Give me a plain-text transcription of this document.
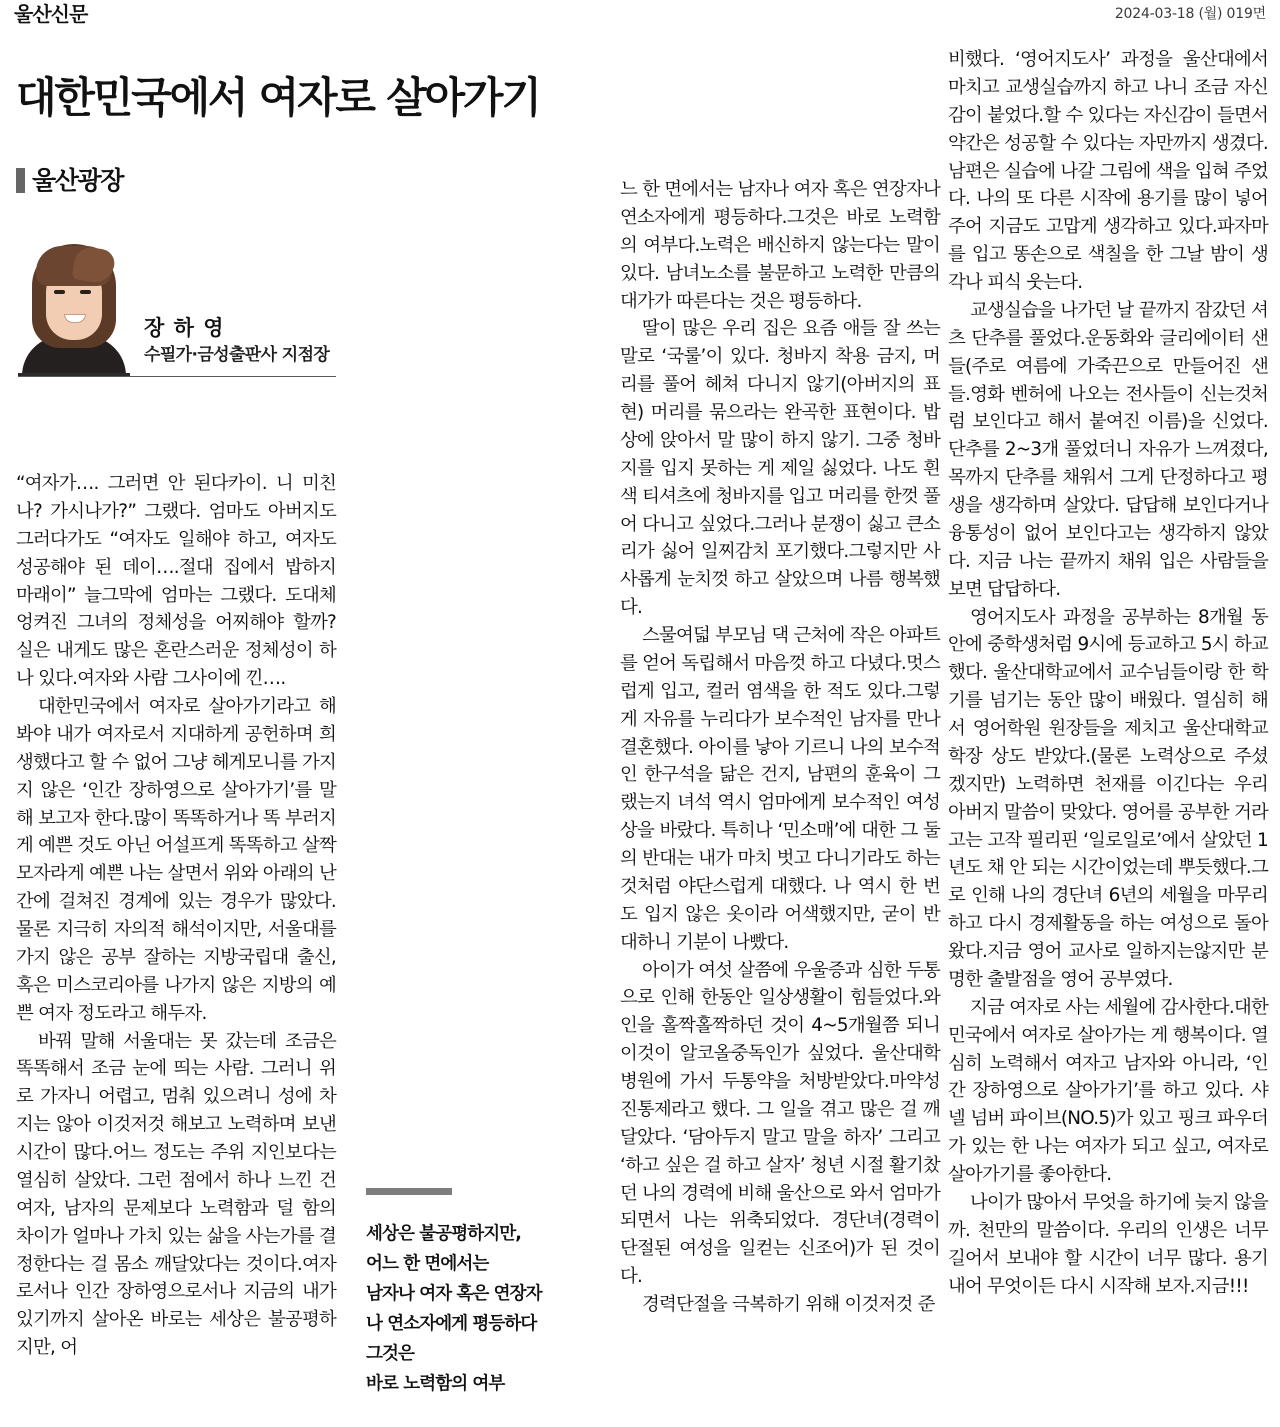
울산신문	2024-03-18 (월) 019면
대한민국에서 여자로 살아가기
울산광장
장 하 영
수필가·금성출판사 지점장

“여자가…. 그러면 안 된다카이. 니 미친나? 가시나가?” 그랬다. 엄마도 아버지도 그러다가도 “여자도 일해야 하고, 여자도 성공해야 된 데이….절대 집에서 밥하지 마래이” 늘그막에 엄마는 그랬다. 도대체 엉켜진 그녀의 정체성을 어찌해야 할까? 실은 내게도 많은 혼란스러운 정체성이 하나 있다.여자와 사람 그사이에 낀….

대한민국에서 여자로 살아가기라고 해봐야 내가 여자로서 지대하게 공헌하며 희생했다고 할 수 없어 그냥 헤게모니를 가지지 않은 ‘인간 장하영으로 살아가기’를 말해 보고자 한다.많이 똑똑하거나 똑 부러지게 예쁜 것도 아닌 어설프게 똑똑하고 살짝 모자라게 예쁜 나는 살면서 위와 아래의 난간에 걸쳐진 경계에 있는 경우가 많았다. 물론 지극히 자의적 해석이지만, 서울대를 가지 않은 공부 잘하는 지방국립대 출신, 혹은 미스코리아를 나가지 않은 지방의 예쁜 여자 정도라고 해두자.

바꿔 말해 서울대는 못 갔는데 조금은 똑똑해서 조금 눈에 띄는 사람. 그러니 위로 가자니 어렵고, 멈춰 있으려니 성에 차지는 않아 이것저것 해보고 노력하며 보낸 시간이 많다.어느 정도는 주위 지인보다는 열심히 살았다. 그런 점에서 하나 느낀 건 여자, 남자의 문제보다 노력함과 덜 함의 차이가 얼마나 가치 있는 삶을 사는가를 결정한다는 걸 몸소 깨달았다는 것이다.여자로서나 인간 장하영으로서나 지금의 내가 있기까지 살아온 바로는 세상은 불공평하지만, 어

세상은 불공평하지만,
어느 한 면에서는
남자나 여자 혹은 연장자
나 연소자에게 평등하다
그것은
바로 노력함의 여부

느 한 면에서는 남자나 여자 혹은 연장자나 연소자에게 평등하다.그것은 바로 노력함의 여부다.노력은 배신하지 않는다는 말이 있다. 남녀노소를 불문하고 노력한 만큼의 대가가 따른다는 것은 평등하다.

딸이 많은 우리 집은 요즘 애들 잘 쓰는 말로 ‘국룰’이 있다. 청바지 착용 금지, 머리를 풀어 헤쳐 다니지 않기(아버지의 표현) 머리를 묶으라는 완곡한 표현이다. 밥상에 앉아서 말 많이 하지 않기. 그중 청바지를 입지 못하는 게 제일 싫었다. 나도 흰색 티셔츠에 청바지를 입고 머리를 한껏 풀어 다니고 싶었다.그러나 분쟁이 싫고 큰소리가 싫어 일찌감치 포기했다.그렇지만 사사롭게 눈치껏 하고 살았으며 나름 행복했다.

스물여덟 부모님 댁 근처에 작은 아파트를 얻어 독립해서 마음껏 하고 다녔다.멋스럽게 입고, 컬러 염색을 한 적도 있다.그렇게 자유를 누리다가 보수적인 남자를 만나 결혼했다. 아이를 낳아 기르니 나의 보수적인 한구석을 닮은 건지, 남편의 훈육이 그랬는지 녀석 역시 엄마에게 보수적인 여성상을 바랐다. 특히나 ‘민소매’에 대한 그 둘의 반대는 내가 마치 벗고 다니기라도 하는 것처럼 야단스럽게 대했다. 나 역시 한 번도 입지 않은 옷이라 어색했지만, 굳이 반대하니 기분이 나빴다.

아이가 여섯 살쯤에 우울증과 심한 두통으로 인해 한동안 일상생활이 힘들었다.와인을 홀짝홀짝하던 것이 4~5개월쯤 되니 이것이 알코올중독인가 싶었다. 울산대학병원에 가서 두통약을 처방받았다.마약성 진통제라고 했다. 그 일을 겪고 많은 걸 깨달았다. ‘담아두지 말고 말을 하자’ 그리고 ‘하고 싶은 걸 하고 살자’ 청년 시절 활기찼던 나의 경력에 비해 울산으로 와서 엄마가 되면서 나는 위축되었다. 경단녀(경력이 단절된 여성을 일컫는 신조어)가 된 것이다.

경력단절을 극복하기 위해 이것저것 준

비했다. ‘영어지도사’ 과정을 울산대에서 마치고 교생실습까지 하고 나니 조금 자신감이 붙었다.할 수 있다는 자신감이 들면서 약간은 성공할 수 있다는 자만까지 생겼다. 남편은 실습에 나갈 그림에 색을 입혀 주었다. 나의 또 다른 시작에 용기를 많이 넣어주어 지금도 고맙게 생각하고 있다.파자마를 입고 똥손으로 색칠을 한 그날 밤이 생각나 피식 웃는다.

교생실습을 나가던 날 끝까지 잠갔던 셔츠 단추를 풀었다.운동화와 글리에이터 샌들(주로 여름에 가죽끈으로 만들어진 샌들.영화 벤허에 나오는 전사들이 신는것처럼 보인다고 해서 붙여진 이름)을 신었다. 단추를 2~3개 풀었더니 자유가 느껴졌다, 목까지 단추를 채워서 그게 단정하다고 평생을 생각하며 살았다. 답답해 보인다거나 융통성이 없어 보인다고는 생각하지 않았다. 지금 나는 끝까지 채워 입은 사람들을 보면 답답하다.

영어지도사 과정을 공부하는 8개월 동안에 중학생처럼 9시에 등교하고 5시 하교했다. 울산대학교에서 교수님들이랑 한 학기를 넘기는 동안 많이 배웠다. 열심히 해서 영어학원 원장들을 제치고 울산대학교 학장 상도 받았다.(물론 노력상으로 주셨겠지만) 노력하면 천재를 이긴다는 우리 아버지 말씀이 맞았다. 영어를 공부한 거라고는 고작 필리핀 ‘일로일로’에서 살았던 1년도 채 안 되는 시간이었는데 뿌듯했다.그로 인해 나의 경단녀 6년의 세월을 마무리하고 다시 경제활동을 하는 여성으로 돌아왔다.지금 영어 교사로 일하지는않지만 분명한 출발점을 영어 공부였다.

지금 여자로 사는 세월에 감사한다.대한민국에서 여자로 살아가는 게 행복이다. 열심히 노력해서 여자고 남자와 아니라, ‘인간 장하영으로 살아가기’를 하고 있다. 샤넬 넘버 파이브(NO.5)가 있고 핑크 파우더가 있는 한 나는 여자가 되고 싶고, 여자로 살아가기를 좋아한다.

나이가 많아서 무엇을 하기에 늦지 않을까. 천만의 말씀이다. 우리의 인생은 너무 길어서 보내야 할 시간이 너무 많다. 용기 내어 무엇이든 다시 시작해 보자.지금!!!
